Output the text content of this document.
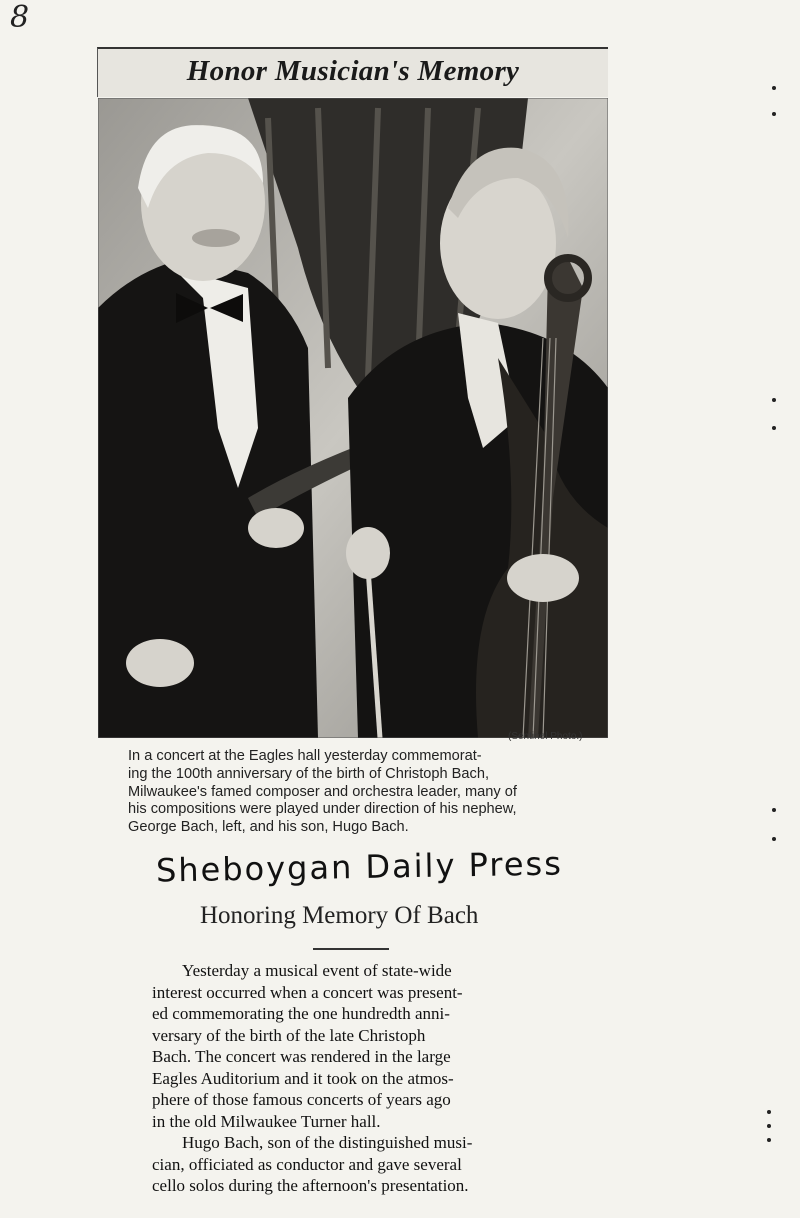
8
Honor Musician's Memory
(Sentinel Photo.)
In a concert at the Eagles hall yesterday commemorat-
ing the 100th anniversary of the birth of Christoph Bach,
Milwaukee's famed composer and orchestra leader, many of
his compositions were played under direction of his nephew,
George Bach, left, and his son, Hugo Bach.
Sheboygan Daily Press
Honoring Memory Of Bach
Yesterday a musical event of state-wide
interest occurred when a concert was present-
ed commemorating the one hundredth anni-
versary of the birth of the late Christoph
Bach. The concert was rendered in the large
Eagles Auditorium and it took on the atmos-
phere of those famous concerts of years ago
in the old Milwaukee Turner hall.
Hugo Bach, son of the distinguished musi-
cian, officiated as conductor and gave several
cello solos during the afternoon's presentation.
